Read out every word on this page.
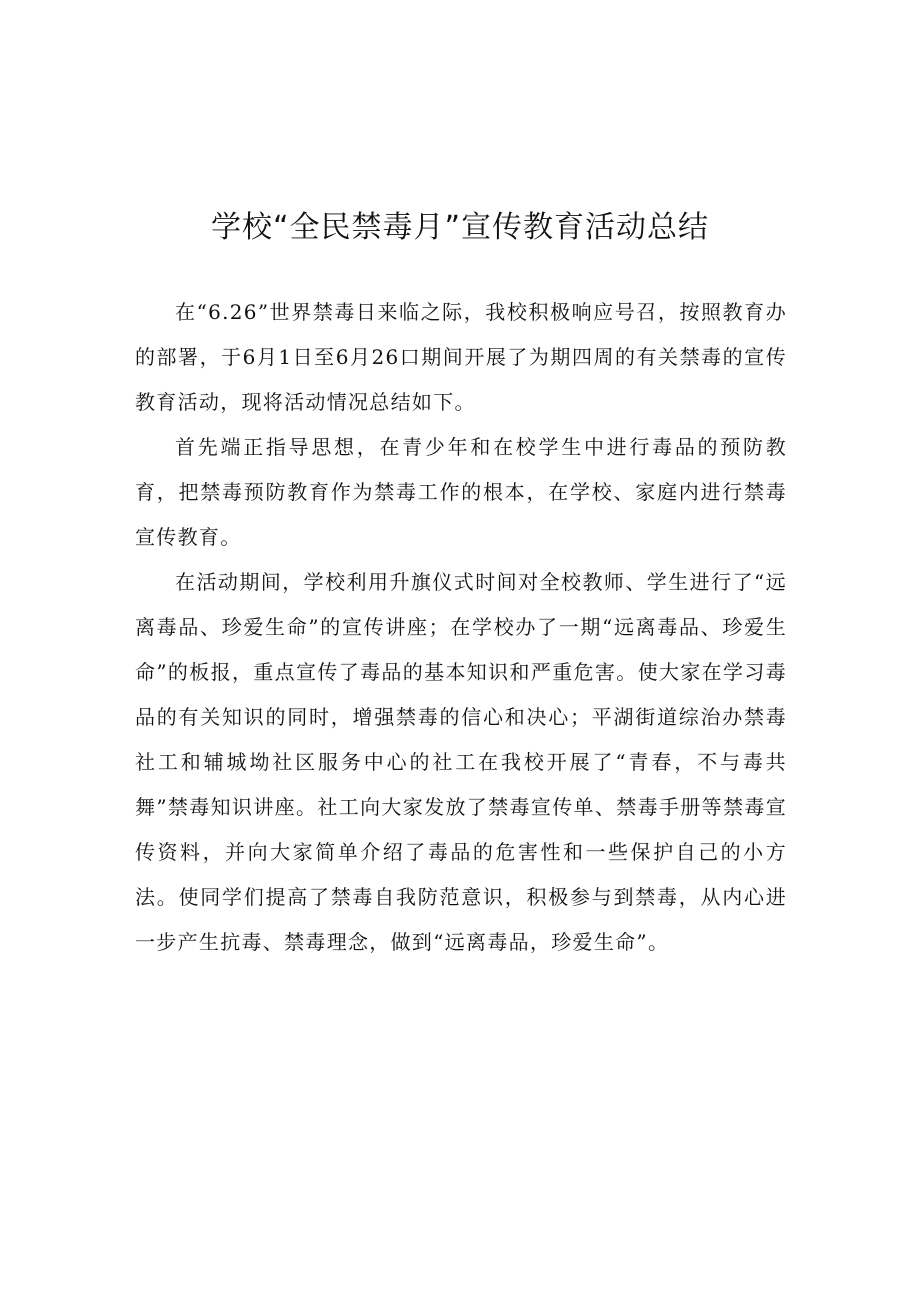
学校“全民禁毒月”宣传教育活动总结

在“6.26”世界禁毒日来临之际，我校积极响应号召，按照教育办的部署，于6月1日至6月26口期间开展了为期四周的有关禁毒的宣传教育活动，现将活动情况总结如下。

首先端正指导思想，在青少年和在校学生中进行毒品的预防教育，把禁毒预防教育作为禁毒工作的根本，在学校、家庭内进行禁毒宣传教育。

在活动期间，学校利用升旗仪式时间对全校教师、学生进行了“远离毒品、珍爱生命”的宣传讲座；在学校办了一期“远离毒品、珍爱生命”的板报，重点宣传了毒品的基本知识和严重危害。使大家在学习毒品的有关知识的同时，增强禁毒的信心和决心；平湖街道综治办禁毒社工和辅城坳社区服务中心的社工在我校开展了“青春，不与毒共舞”禁毒知识讲座。社工向大家发放了禁毒宣传单、禁毒手册等禁毒宣传资料，并向大家简单介绍了毒品的危害性和一些保护自己的小方法。使同学们提高了禁毒自我防范意识，积极参与到禁毒，从内心进一步产生抗毒、禁毒理念，做到“远离毒品，珍爱生命”。
